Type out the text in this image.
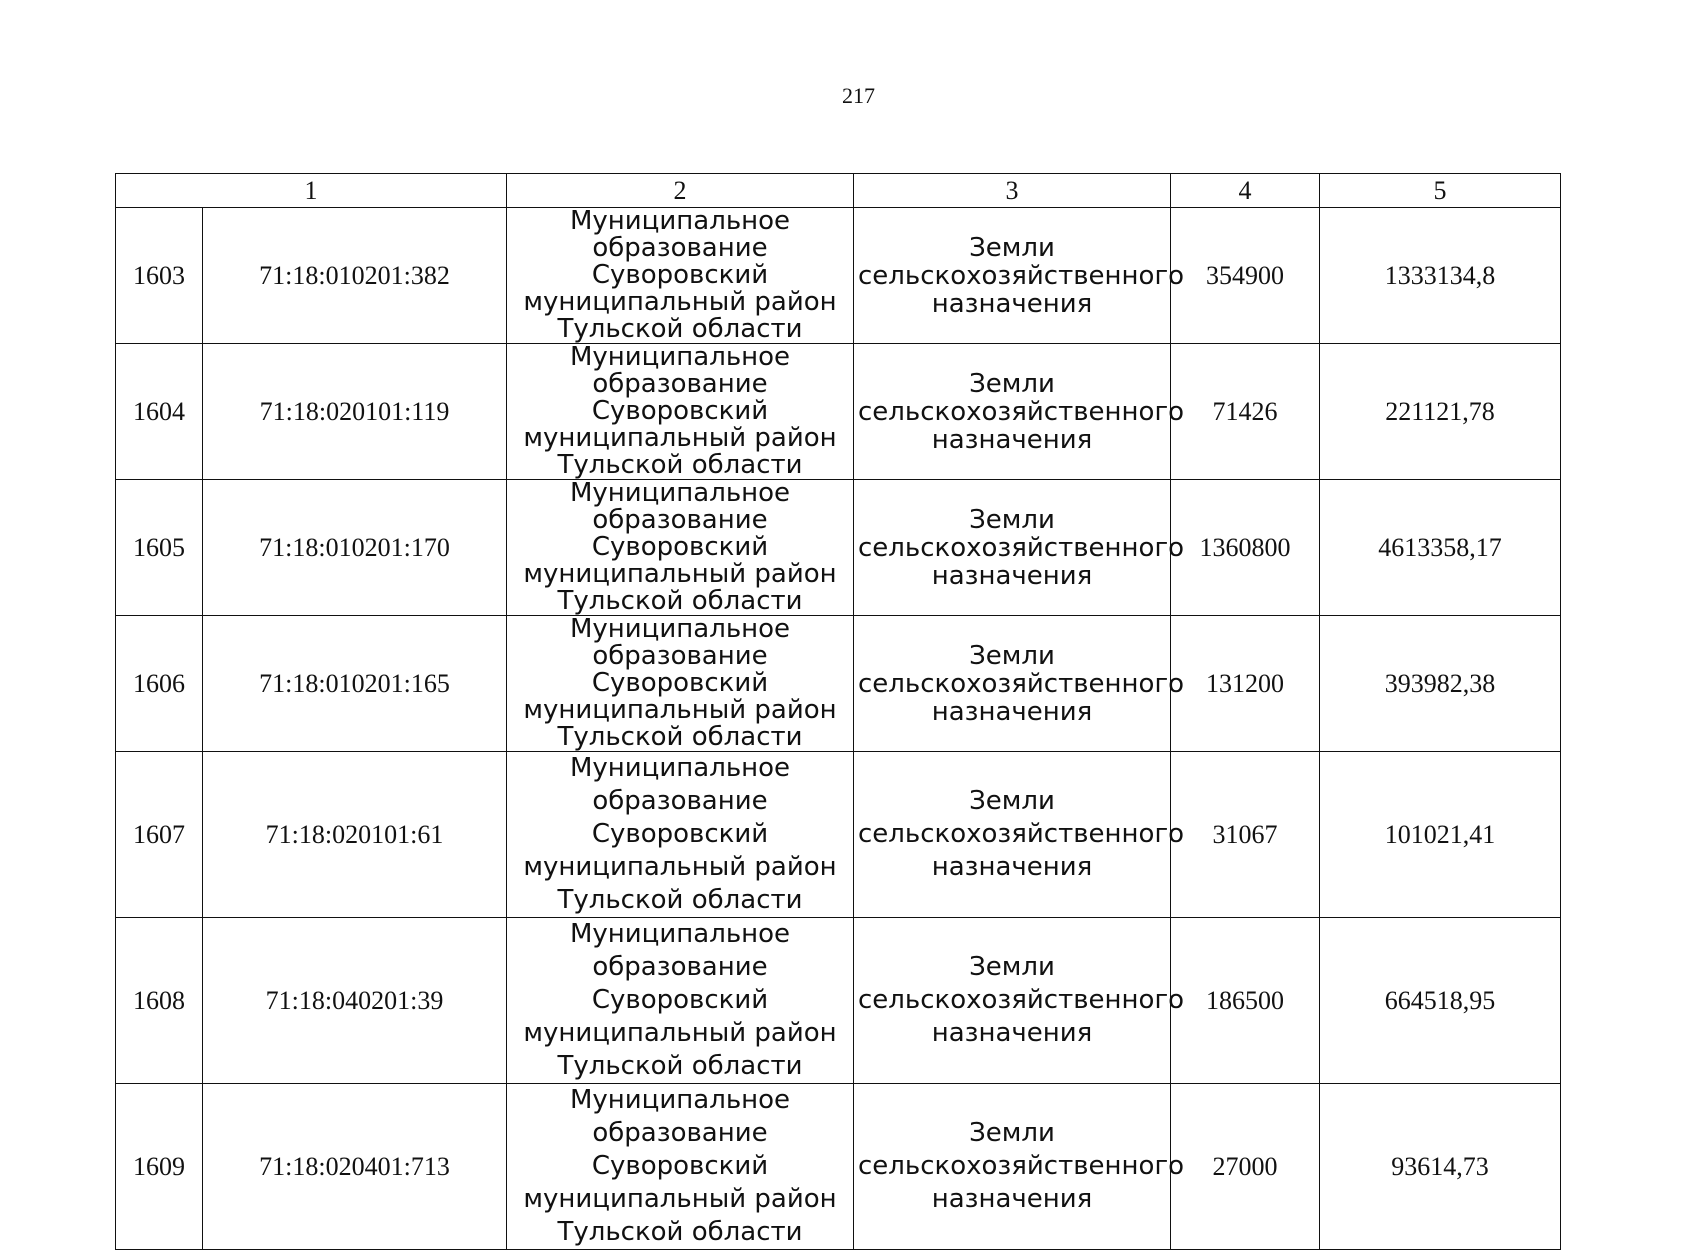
217
1		2	3	4	5
1603	71:18:010201:382	Муниципальное
образование Суворовский
муниципальный район
Тульской области	Земли
сельскохозяйственного
назначения	354900	1333134,8
1604	71:18:020101:119	Муниципальное
образование Суворовский
муниципальный район
Тульской области	Земли
сельскохозяйственного
назначения	71426	221121,78
1605	71:18:010201:170	Муниципальное
образование Суворовский
муниципальный район
Тульской области	Земли
сельскохозяйственного
назначения	1360800	4613358,17
1606	71:18:010201:165	Муниципальное
образование Суворовский
муниципальный район
Тульской области	Земли
сельскохозяйственного
назначения	131200	393982,38
1607	71:18:020101:61	Муниципальное
образование Суворовский
муниципальный район
Тульской области	Земли
сельскохозяйственного
назначения	31067	101021,41
1608	71:18:040201:39	Муниципальное
образование Суворовский
муниципальный район
Тульской области	Земли
сельскохозяйственного
назначения	186500	664518,95
1609	71:18:020401:713	Муниципальное
образование Суворовский
муниципальный район
Тульской области	Земли
сельскохозяйственного
назначения	27000	93614,73
